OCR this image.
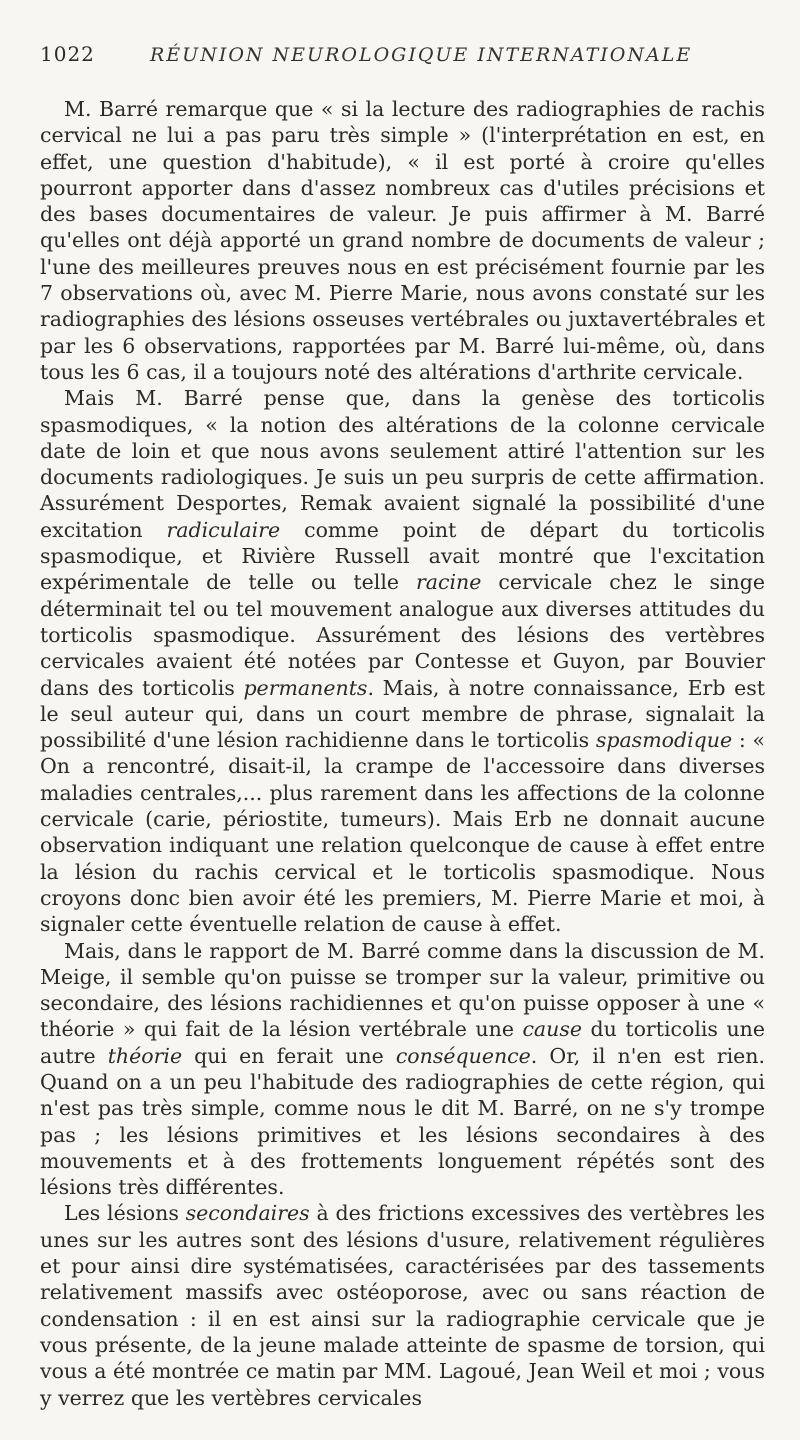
1022	RÉUNION NEUROLOGIQUE INTERNATIONALE

M. Barré remarque que « si la lecture des radiographies de rachis cervical ne lui a pas paru très simple » (l'interprétation en est, en effet, une question d'habitude), « il est porté à croire qu'elles pourront apporter dans d'assez nombreux cas d'utiles précisions et des bases documentaires de valeur. Je puis affirmer à M. Barré qu'elles ont déjà apporté un grand nombre de documents de valeur ; l'une des meilleures preuves nous en est précisément fournie par les 7 observations où, avec M. Pierre Marie, nous avons constaté sur les radiographies des lésions osseuses vertébrales ou juxtavertébrales et par les 6 observations, rapportées par M. Barré lui-même, où, dans tous les 6 cas, il a toujours noté des altérations d'arthrite cervicale.

Mais M. Barré pense que, dans la genèse des torticolis spasmodiques, « la notion des altérations de la colonne cervicale date de loin et que nous avons seulement attiré l'attention sur les documents radiologiques. Je suis un peu surpris de cette affirmation. Assurément Desportes, Remak avaient signalé la possibilité d'une excitation radiculaire comme point de départ du torticolis spasmodique, et Rivière Russell avait montré que l'excitation expérimentale de telle ou telle racine cervicale chez le singe déterminait tel ou tel mouvement analogue aux diverses attitudes du torticolis spasmodique. Assurément des lésions des vertèbres cervicales avaient été notées par Contesse et Guyon, par Bouvier dans des torticolis permanents. Mais, à notre connaissance, Erb est le seul auteur qui, dans un court membre de phrase, signalait la possibilité d'une lésion rachidienne dans le torticolis spasmodique : « On a rencontré, disait-il, la crampe de l'accessoire dans diverses maladies centrales,... plus rarement dans les affections de la colonne cervicale (carie, périostite, tumeurs). Mais Erb ne donnait aucune observation indiquant une relation quelconque de cause à effet entre la lésion du rachis cervical et le torticolis spasmodique. Nous croyons donc bien avoir été les premiers, M. Pierre Marie et moi, à signaler cette éventuelle relation de cause à effet.

Mais, dans le rapport de M. Barré comme dans la discussion de M. Meige, il semble qu'on puisse se tromper sur la valeur, primitive ou secondaire, des lésions rachidiennes et qu'on puisse opposer à une « théorie » qui fait de la lésion vertébrale une cause du torticolis une autre théorie qui en ferait une conséquence. Or, il n'en est rien. Quand on a un peu l'habitude des radiographies de cette région, qui n'est pas très simple, comme nous le dit M. Barré, on ne s'y trompe pas ; les lésions primitives et les lésions secondaires à des mouvements et à des frottements longuement répétés sont des lésions très différentes.

Les lésions secondaires à des frictions excessives des vertèbres les unes sur les autres sont des lésions d'usure, relativement régulières et pour ainsi dire systématisées, caractérisées par des tassements relativement massifs avec ostéoporose, avec ou sans réaction de condensation : il en est ainsi sur la radiographie cervicale que je vous présente, de la jeune malade atteinte de spasme de torsion, qui vous a été montrée ce matin par MM. Lagoué, Jean Weil et moi ; vous y verrez que les vertèbres cervicales
